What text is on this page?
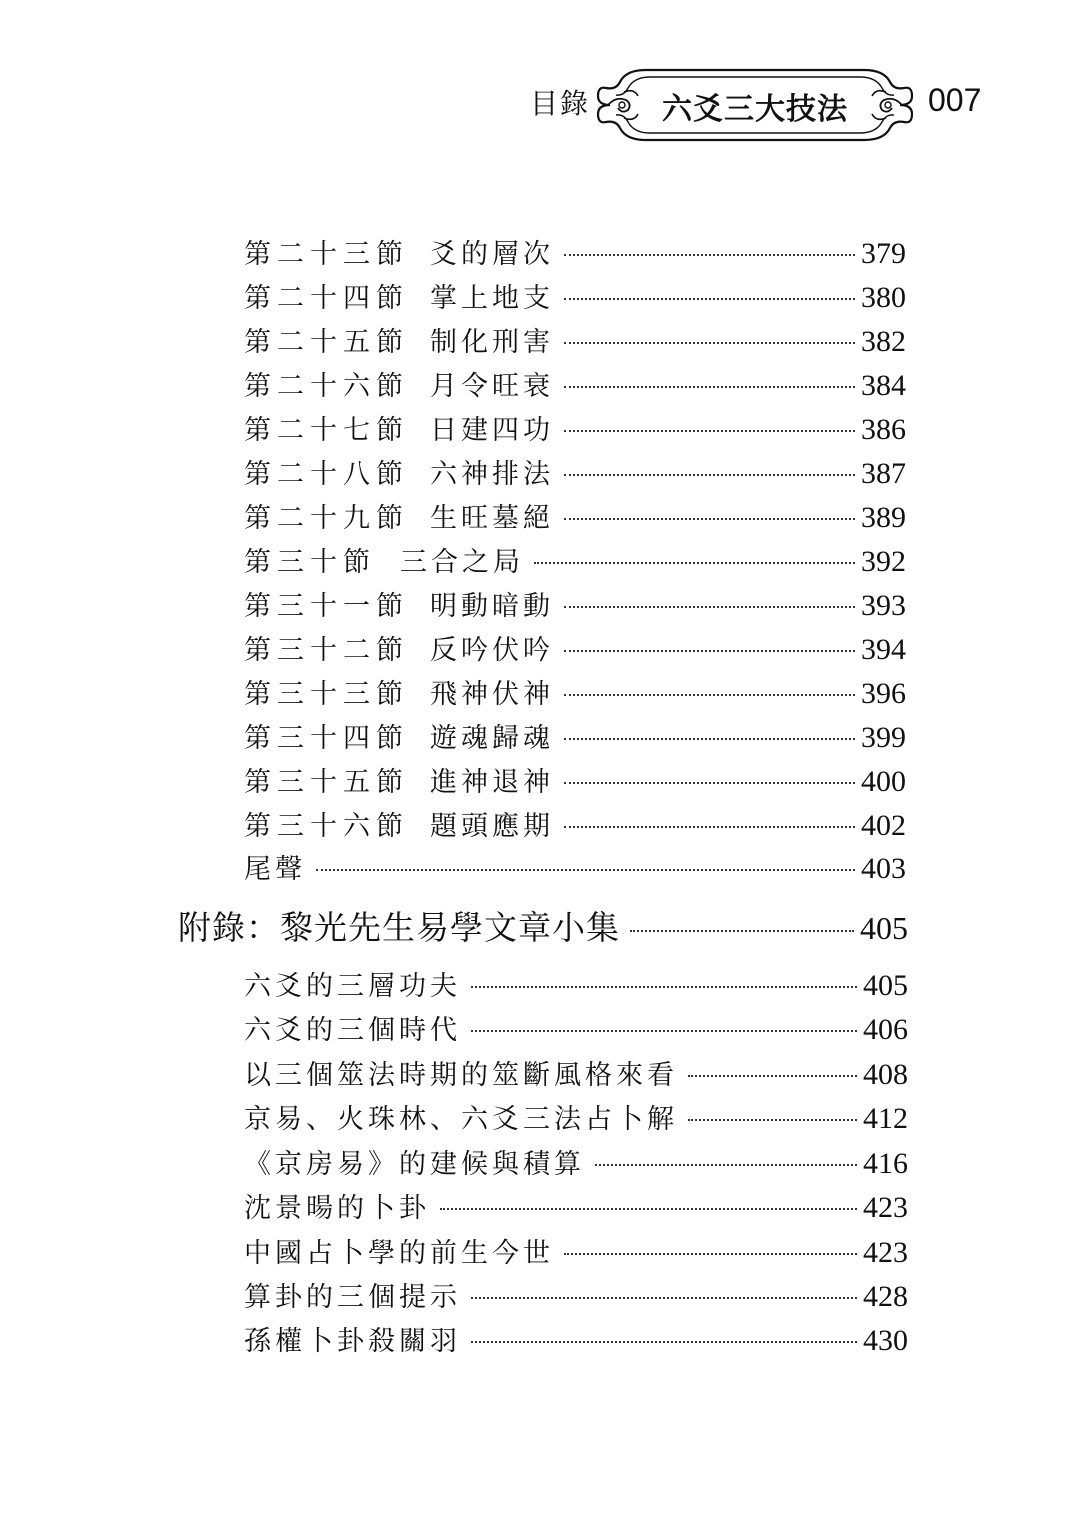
目錄	六爻三大技法	007
第二十三節 爻的層次	379
第二十四節 掌上地支	380
第二十五節 制化刑害	382
第二十六節 月令旺衰	384
第二十七節 日建四功	386
第二十八節 六神排法	387
第二十九節 生旺墓絕	389
第三十節 三合之局	392
第三十一節 明動暗動	393
第三十二節 反吟伏吟	394
第三十三節 飛神伏神	396
第三十四節 遊魂歸魂	399
第三十五節 進神退神	400
第三十六節 題頭應期	402
尾聲	403
附錄：黎光先生易學文章小集	405
六爻的三層功夫	405
六爻的三個時代	406
以三個筮法時期的筮斷風格來看	408
京易、火珠林、六爻三法占卜解	412
《京房易》的建候與積算	416
沈景暘的卜卦	423
中國占卜學的前生今世	423
算卦的三個提示	428
孫權卜卦殺關羽	430
